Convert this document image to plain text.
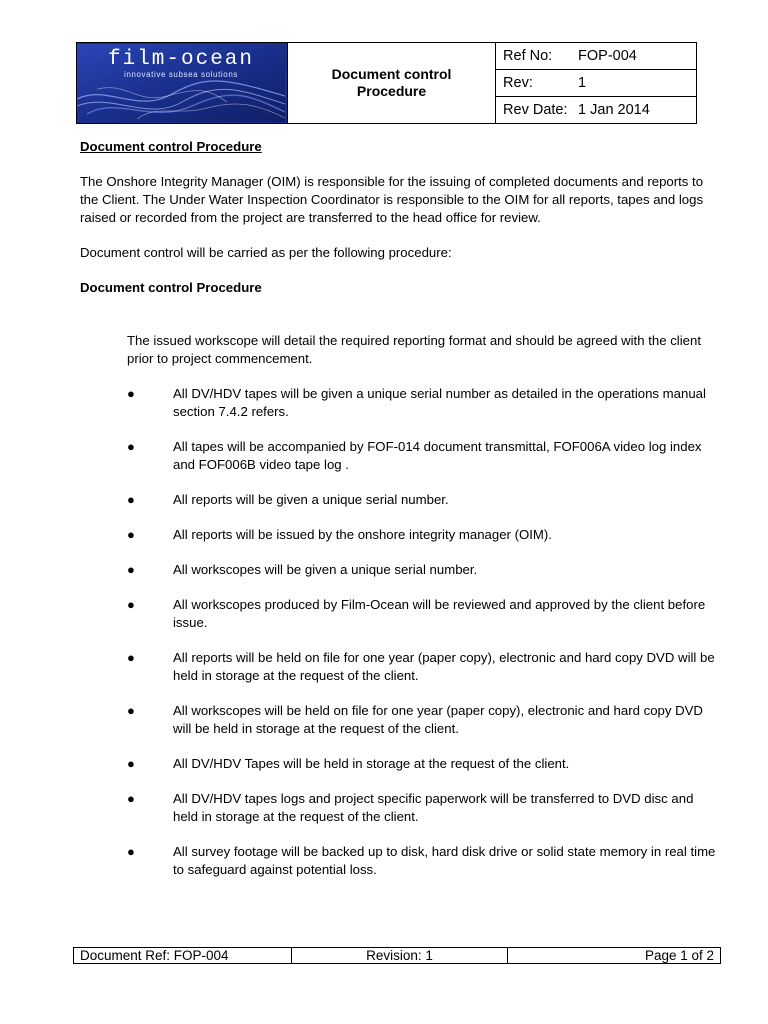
film-ocean
innovative subsea solutions	Document control
Procedure

Ref No:	FOP-004
Rev:	1
Rev Date:	1 Jan 2014

Document control Procedure

The Onshore Integrity Manager (OIM) is responsible for the issuing of completed documents and reports to the Client. The Under Water Inspection Coordinator is responsible to the OIM for all reports, tapes and logs raised or recorded from the project are transferred to the head office for review.

Document control will be carried as per the following procedure:

Document control Procedure

The issued workscope will detail the required reporting format and should be agreed with the client prior to project commencement.

●	All DV/HDV tapes will be given a unique serial number as detailed in the operations manual section 7.4.2 refers.
●	All tapes will be accompanied by FOF-014 document transmittal, FOF006A video log index and FOF006B video tape log .
●	All reports will be given a unique serial number.
●	All reports will be issued by the onshore integrity manager (OIM).
●	All workscopes will be given a unique serial number.
●	All workscopes produced by Film-Ocean will be reviewed and approved by the client before issue.
●	All reports will be held on file for one year (paper copy), electronic and hard copy DVD will be held in storage at the request of the client.
●	All workscopes will be held on file for one year (paper copy), electronic and hard copy DVD will be held in storage at the request of the client.
●	All DV/HDV Tapes will be held in storage at the request of the client.
●	All DV/HDV tapes logs and project specific paperwork will be transferred to DVD disc and held in storage at the request of the client.
●	All survey footage will be backed up to disk, hard disk drive or solid state memory in real time to safeguard against potential loss.
Document Ref: FOP-004	Revision: 1	Page 1 of 2
